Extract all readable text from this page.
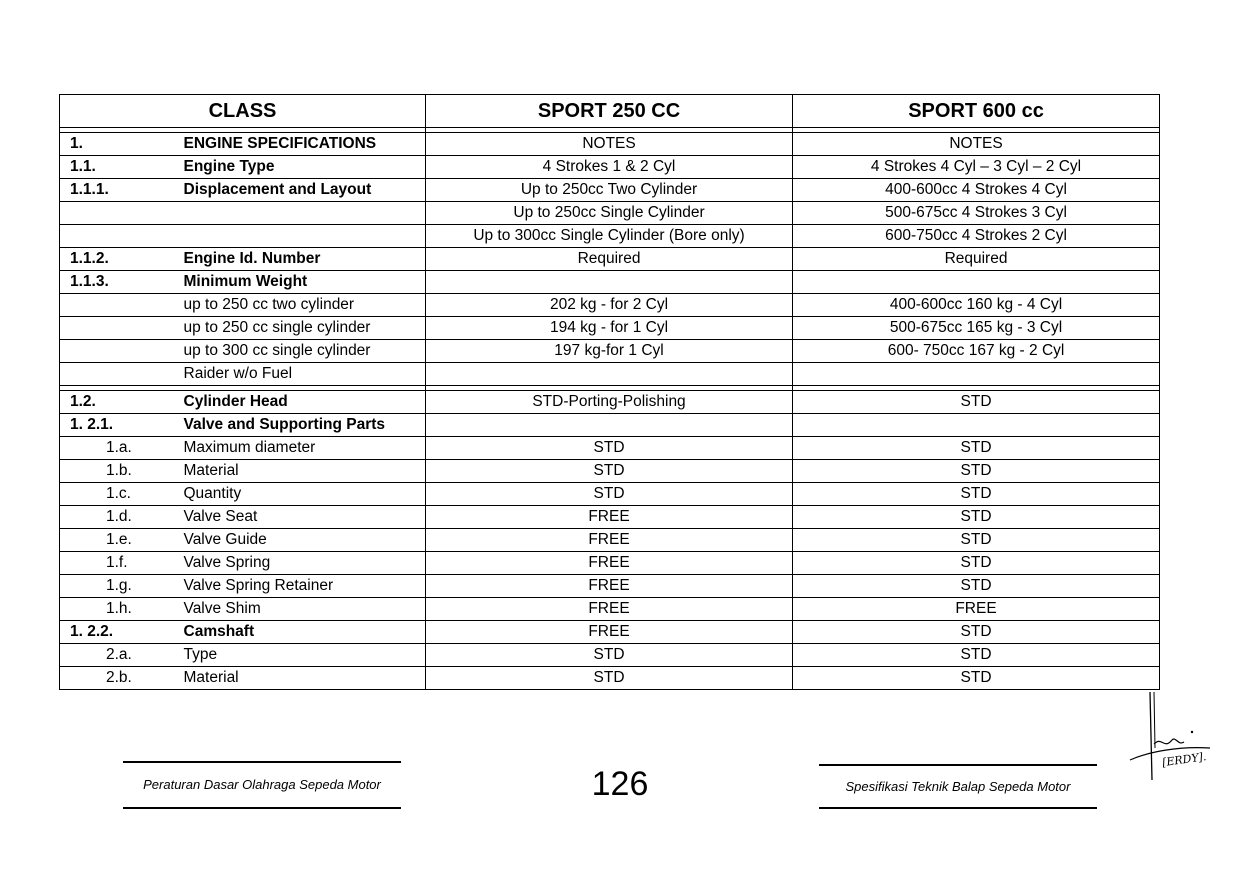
CLASS		SPORT 250 CC	SPORT 600 cc

1.	ENGINE SPECIFICATIONS	NOTES	NOTES
1.1.	Engine Type	4 Strokes 1 & 2 Cyl	4 Strokes 4 Cyl – 3 Cyl – 2 Cyl
1.1.1.	Displacement and Layout	Up to 250cc Two Cylinder	400-600cc 4 Strokes 4 Cyl
		Up to 250cc Single Cylinder	500-675cc 4 Strokes 3 Cyl
		Up to 300cc Single Cylinder (Bore only)	600-750cc 4 Strokes 2 Cyl
1.1.2.	Engine Id. Number	Required	Required
1.1.3.	Minimum Weight		
	up to 250 cc two cylinder	202 kg - for 2 Cyl	400-600cc 160 kg - 4 Cyl
	up to 250 cc single cylinder	194 kg - for 1 Cyl	500-675cc 165 kg - 3 Cyl
	up to 300 cc single cylinder	197 kg-for 1 Cyl	600- 750cc 167 kg - 2 Cyl
	Raider w/o Fuel		

1.2.	Cylinder Head	STD-Porting-Polishing	STD
1. 2.1.	Valve and Supporting Parts		
1.a.	Maximum diameter	STD	STD
1.b.	Material	STD	STD
1.c.	Quantity	STD	STD
1.d.	Valve Seat	FREE	STD
1.e.	Valve Guide	FREE	STD
1.f.	Valve Spring	FREE	STD
1.g.	Valve Spring Retainer	FREE	STD
1.h.	Valve Shim	FREE	FREE
1. 2.2.	Camshaft	FREE	STD
2.a.	Type	STD	STD
2.b.	Material	STD	STD
Peraturan Dasar Olahraga Sepeda Motor	126	Spesifikasi Teknik Balap Sepeda Motor
[ERDY].
